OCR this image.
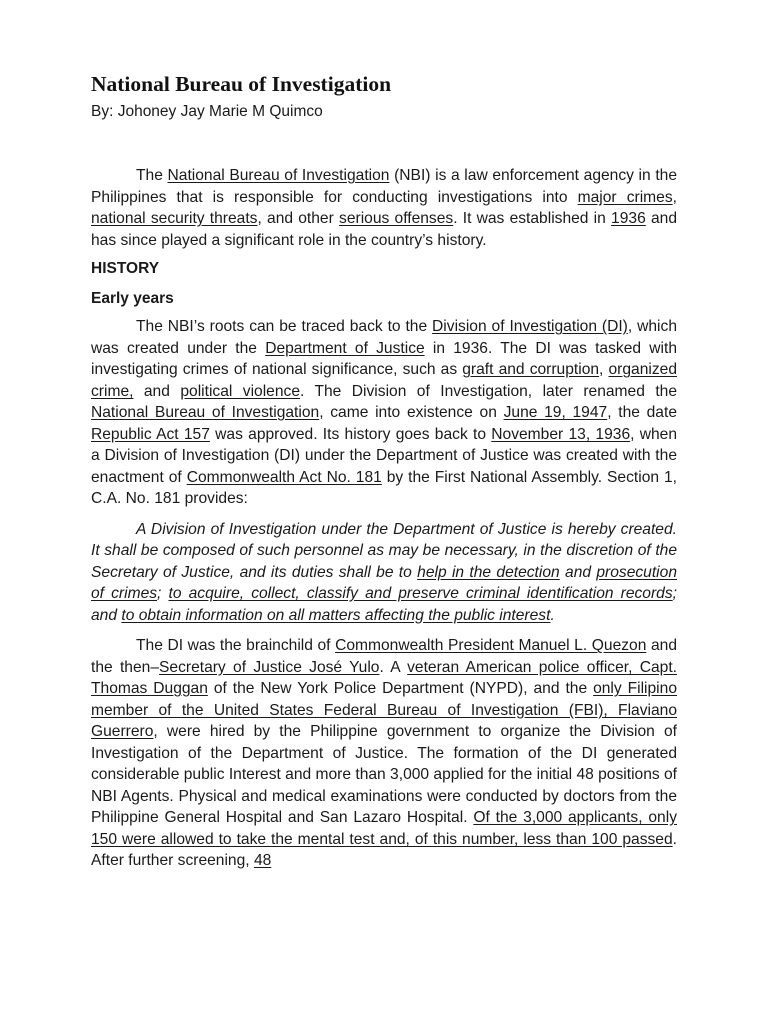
National Bureau of Investigation
By: Johoney Jay Marie M Quimco

The National Bureau of Investigation (NBI) is a law enforcement agency in the Philippines that is responsible for conducting investigations into major crimes, national security threats, and other serious offenses. It was established in 1936 and has since played a significant role in the country’s history.

HISTORY
Early years

The NBI’s roots can be traced back to the Division of Investigation (DI), which was created under the Department of Justice in 1936. The DI was tasked with investigating crimes of national significance, such as graft and corruption, organized crime, and political violence. The Division of Investigation, later renamed the National Bureau of Investigation, came into existence on June 19, 1947, the date Republic Act 157 was approved. Its history goes back to November 13, 1936, when a Division of Investigation (DI) under the Department of Justice was created with the enactment of Commonwealth Act No. 181 by the First National Assembly. Section 1, C.A. No. 181 provides:

A Division of Investigation under the Department of Justice is hereby created. It shall be composed of such personnel as may be necessary, in the discretion of the Secretary of Justice, and its duties shall be to help in the detection and prosecution of crimes; to acquire, collect, classify and preserve criminal identification records; and to obtain information on all matters affecting the public interest.

The DI was the brainchild of Commonwealth President Manuel L. Quezon and the then–Secretary of Justice José Yulo. A veteran American police officer, Capt. Thomas Duggan of the New York Police Department (NYPD), and the only Filipino member of the United States Federal Bureau of Investigation (FBI), Flaviano Guerrero, were hired by the Philippine government to organize the Division of Investigation of the Department of Justice. The formation of the DI generated considerable public Interest and more than 3,000 applied for the initial 48 positions of NBI Agents. Physical and medical examinations were conducted by doctors from the Philippine General Hospital and San Lazaro Hospital. Of the 3,000 applicants, only 150 were allowed to take the mental test and, of this number, less than 100 passed. After further screening, 48
